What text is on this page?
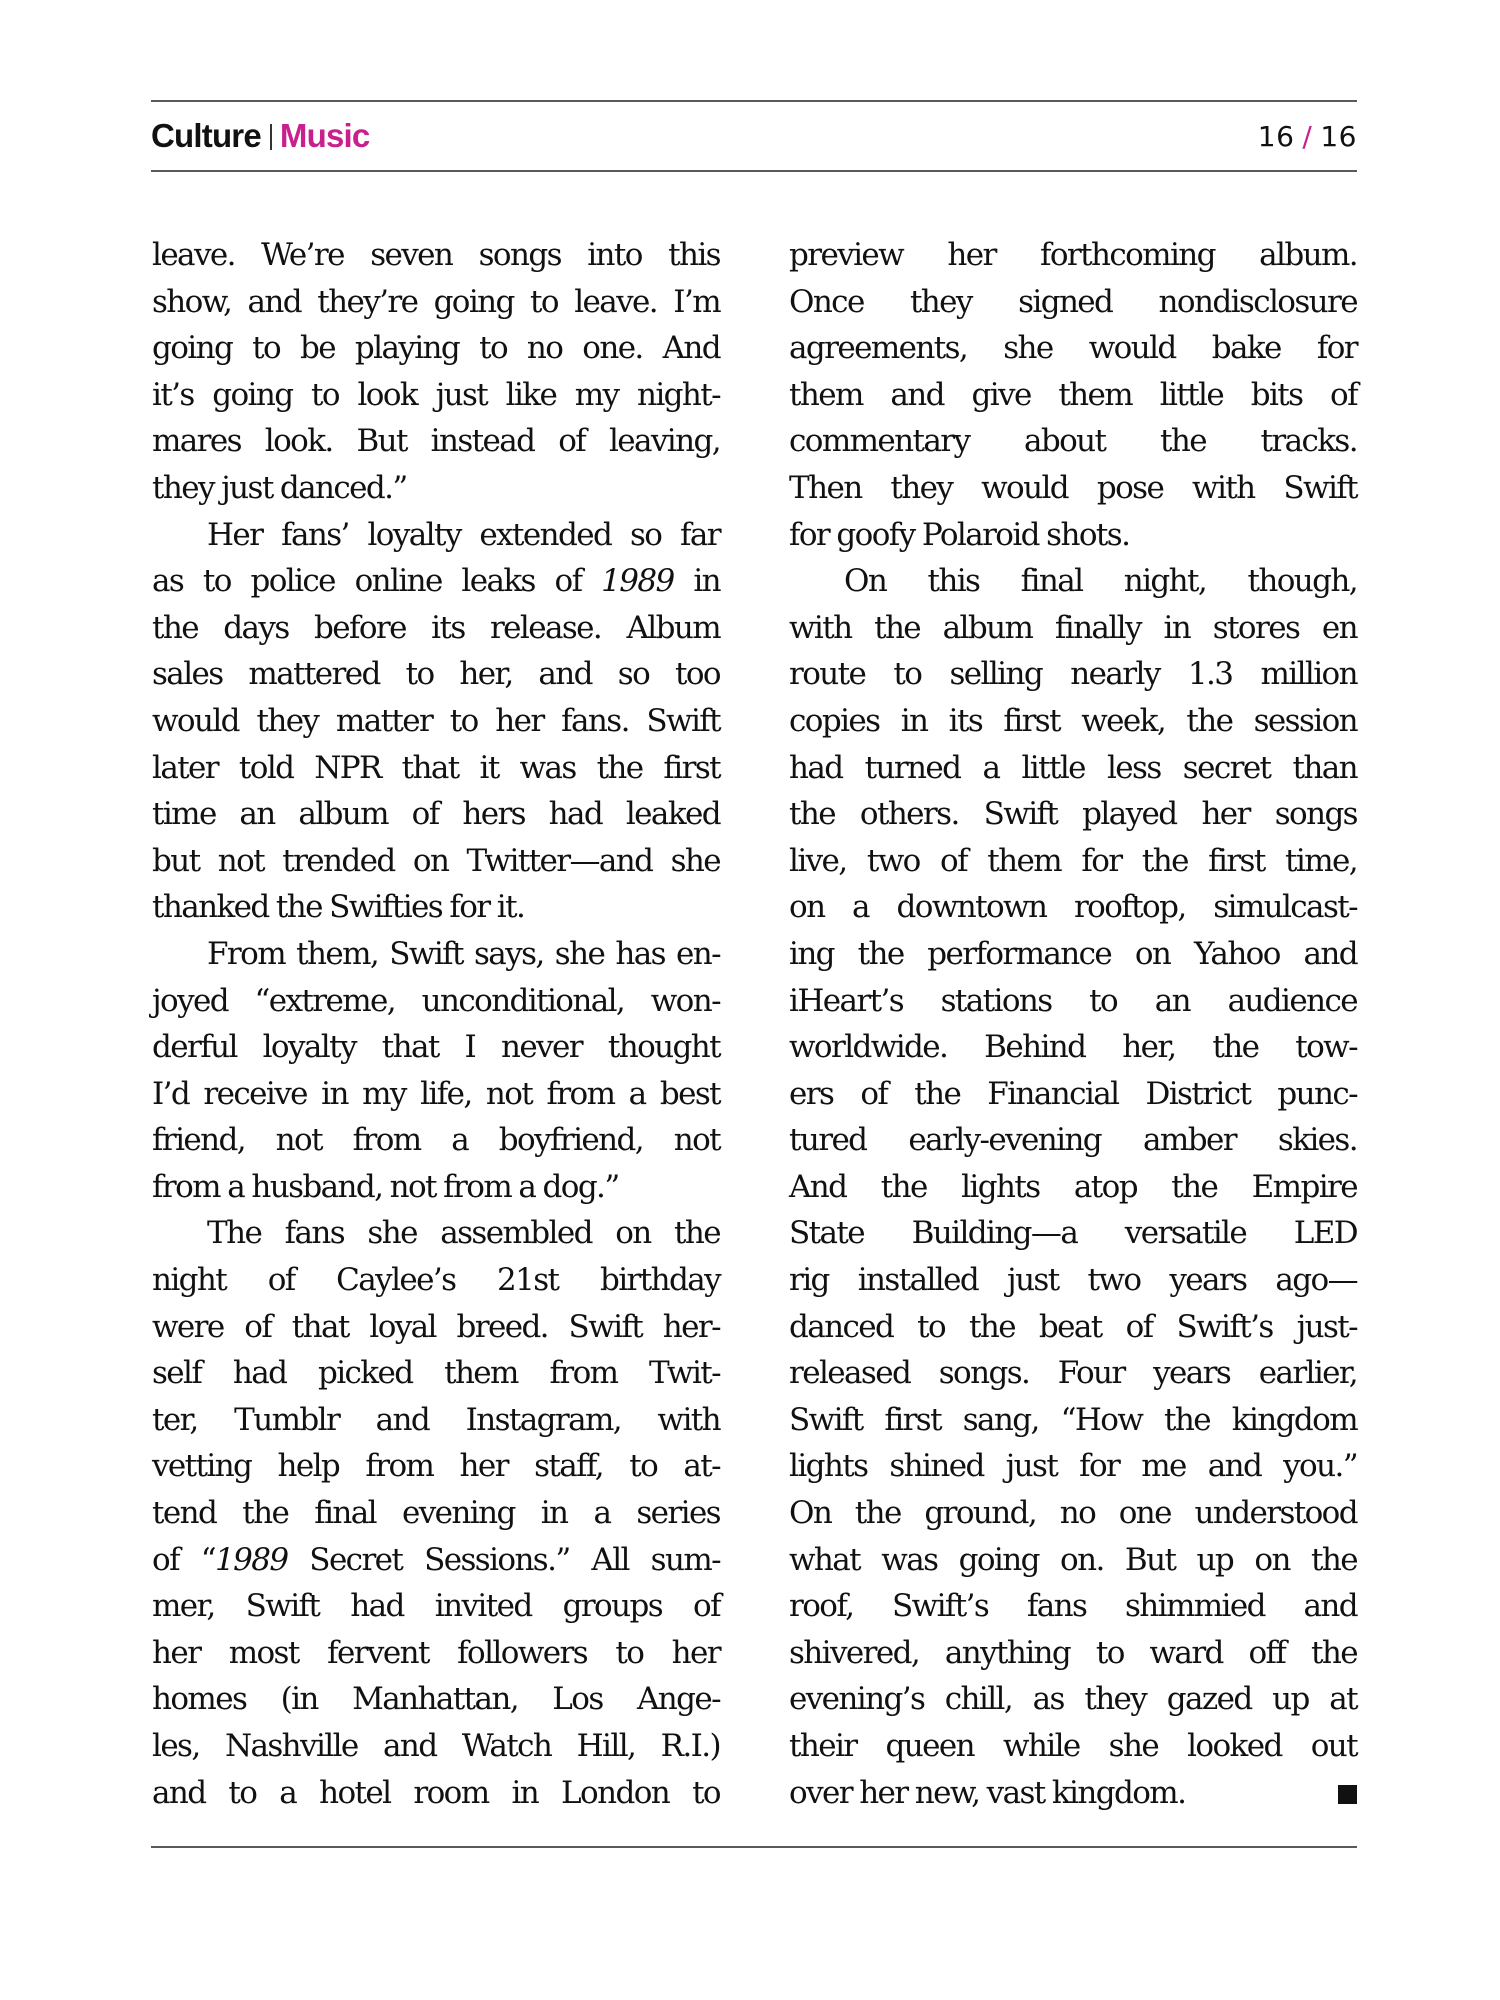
Culture Music	16 / 16
leave. We’re seven songs into this
show, and they’re going to leave. I’m
going to be playing to no one. And
it’s going to look just like my night-
mares look. But instead of leaving,
they just danced.”
Her fans’ loyalty extended so far
as to police online leaks of 1989 in
the days before its release. Album
sales mattered to her, and so too
would they matter to her fans. Swift
later told NPR that it was the first
time an album of hers had leaked
but not trended on Twitter—and she
thanked the Swifties for it.
From them, Swift says, she has en-
joyed “extreme, unconditional, won-
derful loyalty that I never thought
I’d receive in my life, not from a best
friend, not from a boyfriend, not
from a husband, not from a dog.”
The fans she assembled on the
night of Caylee’s 21st birthday
were of that loyal breed. Swift her-
self had picked them from Twit-
ter, Tumblr and Instagram, with
vetting help from her staff, to at-
tend the final evening in a series
of “1989 Secret Sessions.” All sum-
mer, Swift had invited groups of
her most fervent followers to her
homes (in Manhattan, Los Ange-
les, Nashville and Watch Hill, R.I.)
and to a hotel room in London to
preview her forthcoming album.
Once they signed nondisclosure
agreements, she would bake for
them and give them little bits of
commentary about the tracks.
Then they would pose with Swift
for goofy Polaroid shots.
On this final night, though,
with the album finally in stores en
route to selling nearly 1.3 million
copies in its first week, the session
had turned a little less secret than
the others. Swift played her songs
live, two of them for the first time,
on a downtown rooftop, simulcast-
ing the performance on Yahoo and
iHeart’s stations to an audience
worldwide. Behind her, the tow-
ers of the Financial District punc-
tured early-evening amber skies.
And the lights atop the Empire
State Building—a versatile LED
rig installed just two years ago—
danced to the beat of Swift’s just-
released songs. Four years earlier,
Swift first sang, “How the kingdom
lights shined just for me and you.”
On the ground, no one understood
what was going on. But up on the
roof, Swift’s fans shimmied and
shivered, anything to ward off the
evening’s chill, as they gazed up at
their queen while she looked out
over her new, vast kingdom.
